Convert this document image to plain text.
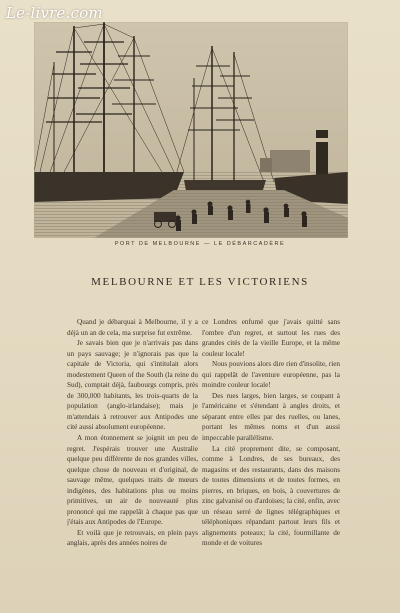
Le-livre.com
PORT DE MELBOURNE — LE DÉBARCADÈRE
MELBOURNE ET LES VICTORIENS

Quand je débarquai à Melbourne, il y a déjà un an de cela, ma surprise fut extrême.

Je savais bien que je n'arrivais pas dans un pays sauvage; je n'ignorais pas que la capitale de Victoria, qui s'intitulait alors modestement Queen of the South (la reine du Sud), comptait déjà, faubourgs compris, près de 300,000 habitants, les trois-quarts de la population (anglo-irlandaise); mais je m'attendais à retrouver aux Antipodes une cité aussi absolument européenne.

A mon étonnement se joignit un peu de regret. J'espérais trouver une Australie quelque peu différente de nos grandes villes, quelque chose de nouveau et d'original, de sauvage même, quelques traits de mœurs indigènes, des habitations plus ou moins primitives, un air de nouveauté plus prononcé qui me rappelât à chaque pas que j'étais aux Antipodes de l'Europe.

Et voilà que je retrouvais, en plein pays anglais, après des années noires de

ce Londres enfumé que j'avais quitté sans l'ombre d'un regret, et surtout les rues des grandes cités de la vieille Europe, et la même couleur locale!

Nous pouvions alors dire rien d'insolite, rien qui rappelât de l'aventure européenne, pas la moindre couleur locale!

Des rues larges, bien larges, se coupant à l'américaine et s'étendant à angles droits, et séparant entre elles par des ruelles, ou lanes, portant les mêmes noms et d'un aussi impeccable parallélisme.

La cité proprement dite, se composant, comme à Londres, de ses bureaux, des magasins et des restaurants, dans des maisons de toutes dimensions et de toutes formes, en pierres, en briques, en bois, à couvertures de zinc galvanisé ou d'ardoises; la cité, enfin, avec un réseau serré de lignes télégraphiques et téléphoniques répandant partout leurs fils et alignements poteaux; la cité, fourmillante de monde et de voitures
